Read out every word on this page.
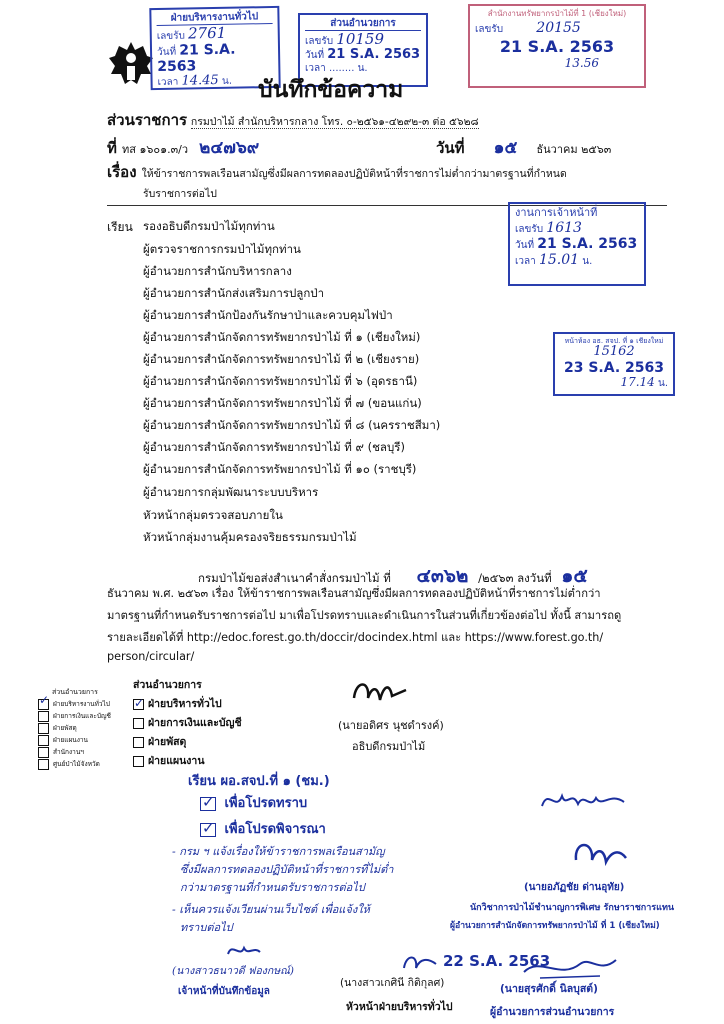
ฝ่ายบริหารงานทั่วไป
เลขรับ 2761
วันที่ 21 S.A. 2563
เวลา 14.45 น.
ส่วนอำนวยการ
เลขรับ 10159
วันที่ 21 S.A. 2563
เวลา ........ น.
สำนักงานทรัพยากรป่าไม้ที่ 1 (เชียงใหม่)
เลขรับ 20155
21 S.A. 2563
13.56
บันทึกข้อความ
ส่วนราชการ กรมป่าไม้ สำนักบริหารกลาง โทร. ๐-๒๕๖๑-๔๒๙๒-๓ ต่อ ๕๖๒๘
ที่ ทส ๑๖๐๑.๓/ว ๒๔๗๖๙	วันที่ ๑๕ ธันวาคม ๒๕๖๓
เรื่อง ให้ข้าราชการพลเรือนสามัญซึ่งมีผลการทดลองปฏิบัติหน้าที่ราชการไม่ต่ำกว่ามาตรฐานที่กำหนด
รับราชการต่อไป
งานการเจ้าหน้าที่
เลขรับ 1613
วันที่ 21 S.A. 2563
เวลา 15.01 น.
เรียน รองอธิบดีกรมป่าไม้ทุกท่าน
ผู้ตรวจราชการกรมป่าไม้ทุกท่าน
ผู้อำนวยการสำนักบริหารกลาง
ผู้อำนวยการสำนักส่งเสริมการปลูกป่า
ผู้อำนวยการสำนักป้องกันรักษาป่าและควบคุมไฟป่า
ผู้อำนวยการสำนักจัดการทรัพยากรป่าไม้ ที่ ๑ (เชียงใหม่)
ผู้อำนวยการสำนักจัดการทรัพยากรป่าไม้ ที่ ๒ (เชียงราย)
ผู้อำนวยการสำนักจัดการทรัพยากรป่าไม้ ที่ ๖ (อุดรธานี)
ผู้อำนวยการสำนักจัดการทรัพยากรป่าไม้ ที่ ๗ (ขอนแก่น)
ผู้อำนวยการสำนักจัดการทรัพยากรป่าไม้ ที่ ๘ (นครราชสีมา)
ผู้อำนวยการสำนักจัดการทรัพยากรป่าไม้ ที่ ๙ (ชลบุรี)
ผู้อำนวยการสำนักจัดการทรัพยากรป่าไม้ ที่ ๑๐ (ราชบุรี)
ผู้อำนวยการกลุ่มพัฒนาระบบบริหาร
หัวหน้ากลุ่มตรวจสอบภายใน
หัวหน้ากลุ่มงานคุ้มครองจริยธรรมกรมป่าไม้
หน้าห้อง อธ. สจป. ที่ ๑ เชียงใหม่
15162
23 S.A. 2563
17.14 น.
กรมป่าไม้ขอส่งสำเนาคำสั่งกรมป่าไม้ ที่ ๔๓๖๒ /๒๕๖๓ ลงวันที่ ๑๕
ธันวาคม พ.ศ. ๒๕๖๓ เรื่อง ให้ข้าราชการพลเรือนสามัญซึ่งมีผลการทดลองปฏิบัติหน้าที่ราชการไม่ต่ำกว่า
มาตรฐานที่กำหนดรับราชการต่อไป มาเพื่อโปรดทราบและดำเนินการในส่วนที่เกี่ยวข้องต่อไป ทั้งนี้ สามารถดู
รายละเอียดได้ที่ http://edoc.forest.go.th/doccir/docindex.html และ https://www.forest.go.th/
person/circular/
(นายอดิศร นุชดำรงค์)
อธิบดีกรมป่าไม้
ส่วนอำนวยการ
✓ฝ่ายบริหารงานทั่วไป
ฝ่ายการเงินและบัญชี
ฝ่ายพัสดุ
ฝ่ายแผนงาน
สำนักงานฯ
ศูนย์ป่าไม้จังหวัด
ส่วนอำนวยการ
✓ฝ่ายบริหารทั่วไป
ฝ่ายการเงินและบัญชี
ฝ่ายพัสดุ
ฝ่ายแผนงาน
เรียน ผอ.สจป.ที่ ๑ (ชม.)
✓ เพื่อโปรดทราบ
✓ เพื่อโปรดพิจารณา
- กรม ฯ แจ้งเรื่องให้ข้าราชการพลเรือนสามัญ
ซึ่งมีผลการทดลองปฏิบัติหน้าที่ราชการที่ไม่ต่ำ
กว่ามาตรฐานที่กำหนดรับราชการต่อไป
- เห็นควรแจ้งเวียนผ่านเว็บไซต์ เพื่อแจ้งให้
ทราบต่อไป
(นายอภัฏชัย ด่านอุทัย)
นักวิชาการป่าไม้ชำนาญการพิเศษ รักษาราชการแทน
ผู้อำนวยการสำนักจัดการทรัพยากรป่าไม้ ที่ 1 (เชียงใหม่)
22 S.A. 2563
(นางสาวธนาวดี ฟองกษณ์)
เจ้าหน้าที่บันทึกข้อมูล
(นางสาวเกศินี กิติกุลศ)
หัวหน้าฝ่ายบริหารทั่วไป
(นายสุรศักดิ์ นิลบุสต์)
ผู้อำนวยการส่วนอำนวยการ
